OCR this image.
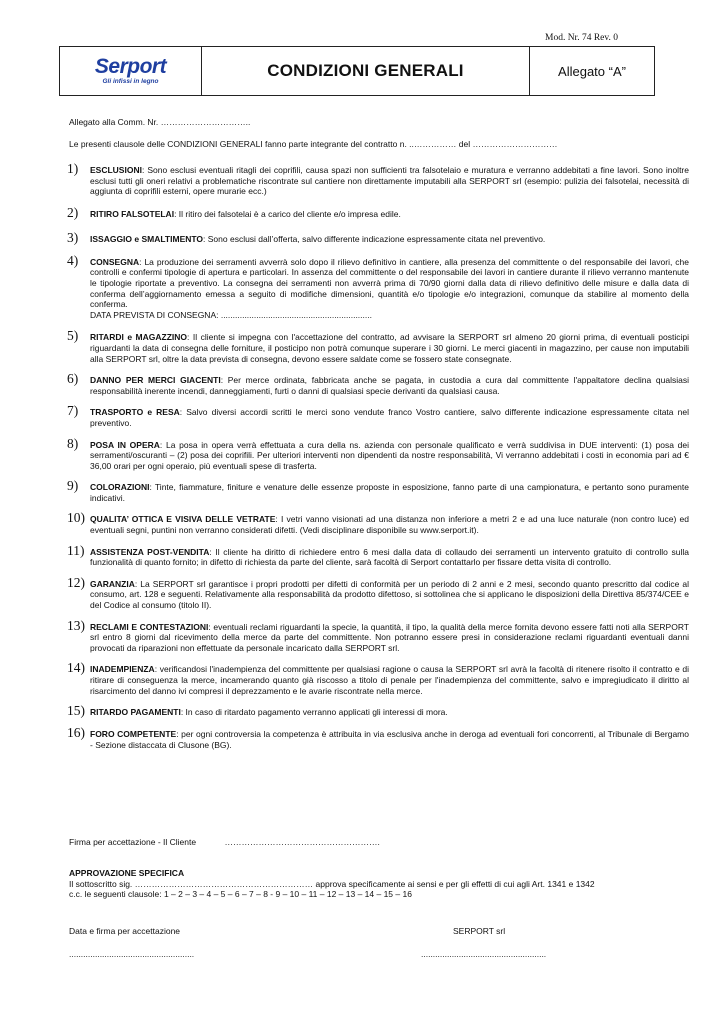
Mod. Nr. 74 Rev. 0
Serport
Gli infissi in legno
CONDIZIONI GENERALI	Allegato “A”
Allegato alla Comm. Nr. …………………………..
Le presenti clausole delle CONDIZIONI GENERALI fanno parte integrante del contratto n. ..…………… del …………………………
1)	ESCLUSIONI: Sono esclusi eventuali ritagli dei coprifili, causa spazi non sufficienti tra falsotelaio e muratura e verranno addebitati a fine lavori. Sono inoltre esclusi tutti gli oneri relativi a problematiche riscontrate sul cantiere non direttamente imputabili alla SERPORT srl (esempio: pulizia dei falsotelai, necessità di aggiunta di coprifili esterni, opere murarie ecc.)
2)	RITIRO FALSOTELAI: Il ritiro dei falsotelai è a carico del cliente e/o impresa edile.
3)	ISSAGGIO e SMALTIMENTO: Sono esclusi dall’offerta, salvo differente indicazione espressamente citata nel preventivo.
4)	CONSEGNA: La produzione dei serramenti avverrà solo dopo il rilievo definitivo in cantiere, alla presenza del committente o del responsabile dei lavori, che controlli e confermi tipologie di apertura e particolari. In assenza del committente o del responsabile dei lavori in cantiere durante il rilievo verranno mantenute le tipologie riportate a preventivo. La consegna dei serramenti non avverrà prima di 70/90 giorni dalla data di rilievo definitivo delle misure e dalla data di conferma dell’aggiornamento emessa a seguito di modifiche dimensioni, quantità e/o tipologie e/o integrazioni, comunque da stabilire al momento della conferma.
DATA PREVISTA DI CONSEGNA: ................................................................
5)	RITARDI e MAGAZZINO: Il cliente si impegna con l'accettazione del contratto, ad avvisare la SERPORT srl almeno 20 giorni prima, di eventuali posticipi riguardanti la data di consegna delle forniture, il posticipo non potrà comunque superare i 30 giorni. Le merci giacenti in magazzino, per cause non imputabili alla SERPORT srl, oltre la data prevista di consegna, devono essere saldate come se fossero state consegnate.
6)	DANNO PER MERCI GIACENTI: Per merce ordinata, fabbricata anche se pagata, in custodia a cura dal committente l'appaltatore declina qualsiasi responsabilità inerente incendi, danneggiamenti, furti o danni di qualsiasi specie derivanti da qualsiasi causa.
7)	TRASPORTO e RESA: Salvo diversi accordi scritti le merci sono vendute franco Vostro cantiere, salvo differente indicazione espressamente citata nel preventivo.
8)	POSA IN OPERA: La posa in opera verrà effettuata a cura della ns. azienda con personale qualificato e verrà suddivisa in DUE interventi: (1) posa dei serramenti/oscuranti – (2) posa dei coprifili. Per ulteriori interventi non dipendenti da nostre responsabilità, Vi verranno addebitati i costi in economia pari ad € 36,00 orari per ogni operaio, più eventuali spese di trasferta.
9)	COLORAZIONI: Tinte, fiammature, finiture e venature delle essenze proposte in esposizione, fanno parte di una campionatura, e pertanto sono puramente indicativi.
10) QUALITA’ OTTICA E VISIVA DELLE VETRATE: I vetri vanno visionati ad una distanza non inferiore a metri 2 e ad una luce naturale (non contro luce) ed eventuali segni, puntini non verranno considerati difetti. (Vedi disciplinare disponibile su www.serport.it).
11) ASSISTENZA POST-VENDITA: Il cliente ha diritto di richiedere entro 6 mesi dalla data di collaudo dei serramenti un intervento gratuito di controllo sulla funzionalità di quanto fornito; in difetto di richiesta da parte del cliente, sarà facoltà di Serport contattarlo per fissare detta visita di controllo.
12) GARANZIA: La SERPORT srl garantisce i propri prodotti per difetti di conformità per un periodo di 2 anni e 2 mesi, secondo quanto prescritto dal codice al consumo, art. 128 e seguenti. Relativamente alla responsabilità da prodotto difettoso, si sottolinea che si applicano le disposizioni della Direttiva 85/374/CEE e del Codice al consumo (titolo II).
13) RECLAMI E CONTESTAZIONI: eventuali reclami riguardanti la specie, la quantità, il tipo, la qualità della merce fornita devono essere fatti noti alla SERPORT srl entro 8 giorni dal ricevimento della merce da parte del committente. Non potranno essere presi in considerazione reclami riguardanti eventuali danni provocati da riparazioni non effettuate da personale incaricato dalla SERPORT srl.
14) INADEMPIENZA: verificandosi l'inadempienza del committente per qualsiasi ragione o causa la SERPORT srl avrà la facoltà di ritenere risolto il contratto e di ritirare di conseguenza la merce, incamerando quanto già riscosso a titolo di penale per l'inadempienza del committente, salvo e impregiudicato il diritto al risarcimento del danno ivi compresi il deprezzamento e le avarie riscontrate nella merce.
15) RITARDO PAGAMENTI: In caso di ritardato pagamento verranno applicati gli interessi di mora.
16) FORO COMPETENTE: per ogni controversia la competenza è attribuita in via esclusiva anche in deroga ad eventuali fori concorrenti, al Tribunale di Bergamo - Sezione distaccata di Clusone (BG).
Firma per accettazione - Il Cliente	……………………………………………….
APPROVAZIONE SPECIFICA
Il sottoscritto sig. ……………………………………………………… approva specificamente ai sensi e per gli effetti di cui agli Art. 1341 e 1342
c.c. le seguenti clausole: 1 – 2 – 3 – 4 – 5 – 6 – 7 – 8 - 9 – 10 – 11 – 12 – 13 – 14 – 15 – 16
Data e firma per accettazione	SERPORT srl
.....................................................	.....................................................
